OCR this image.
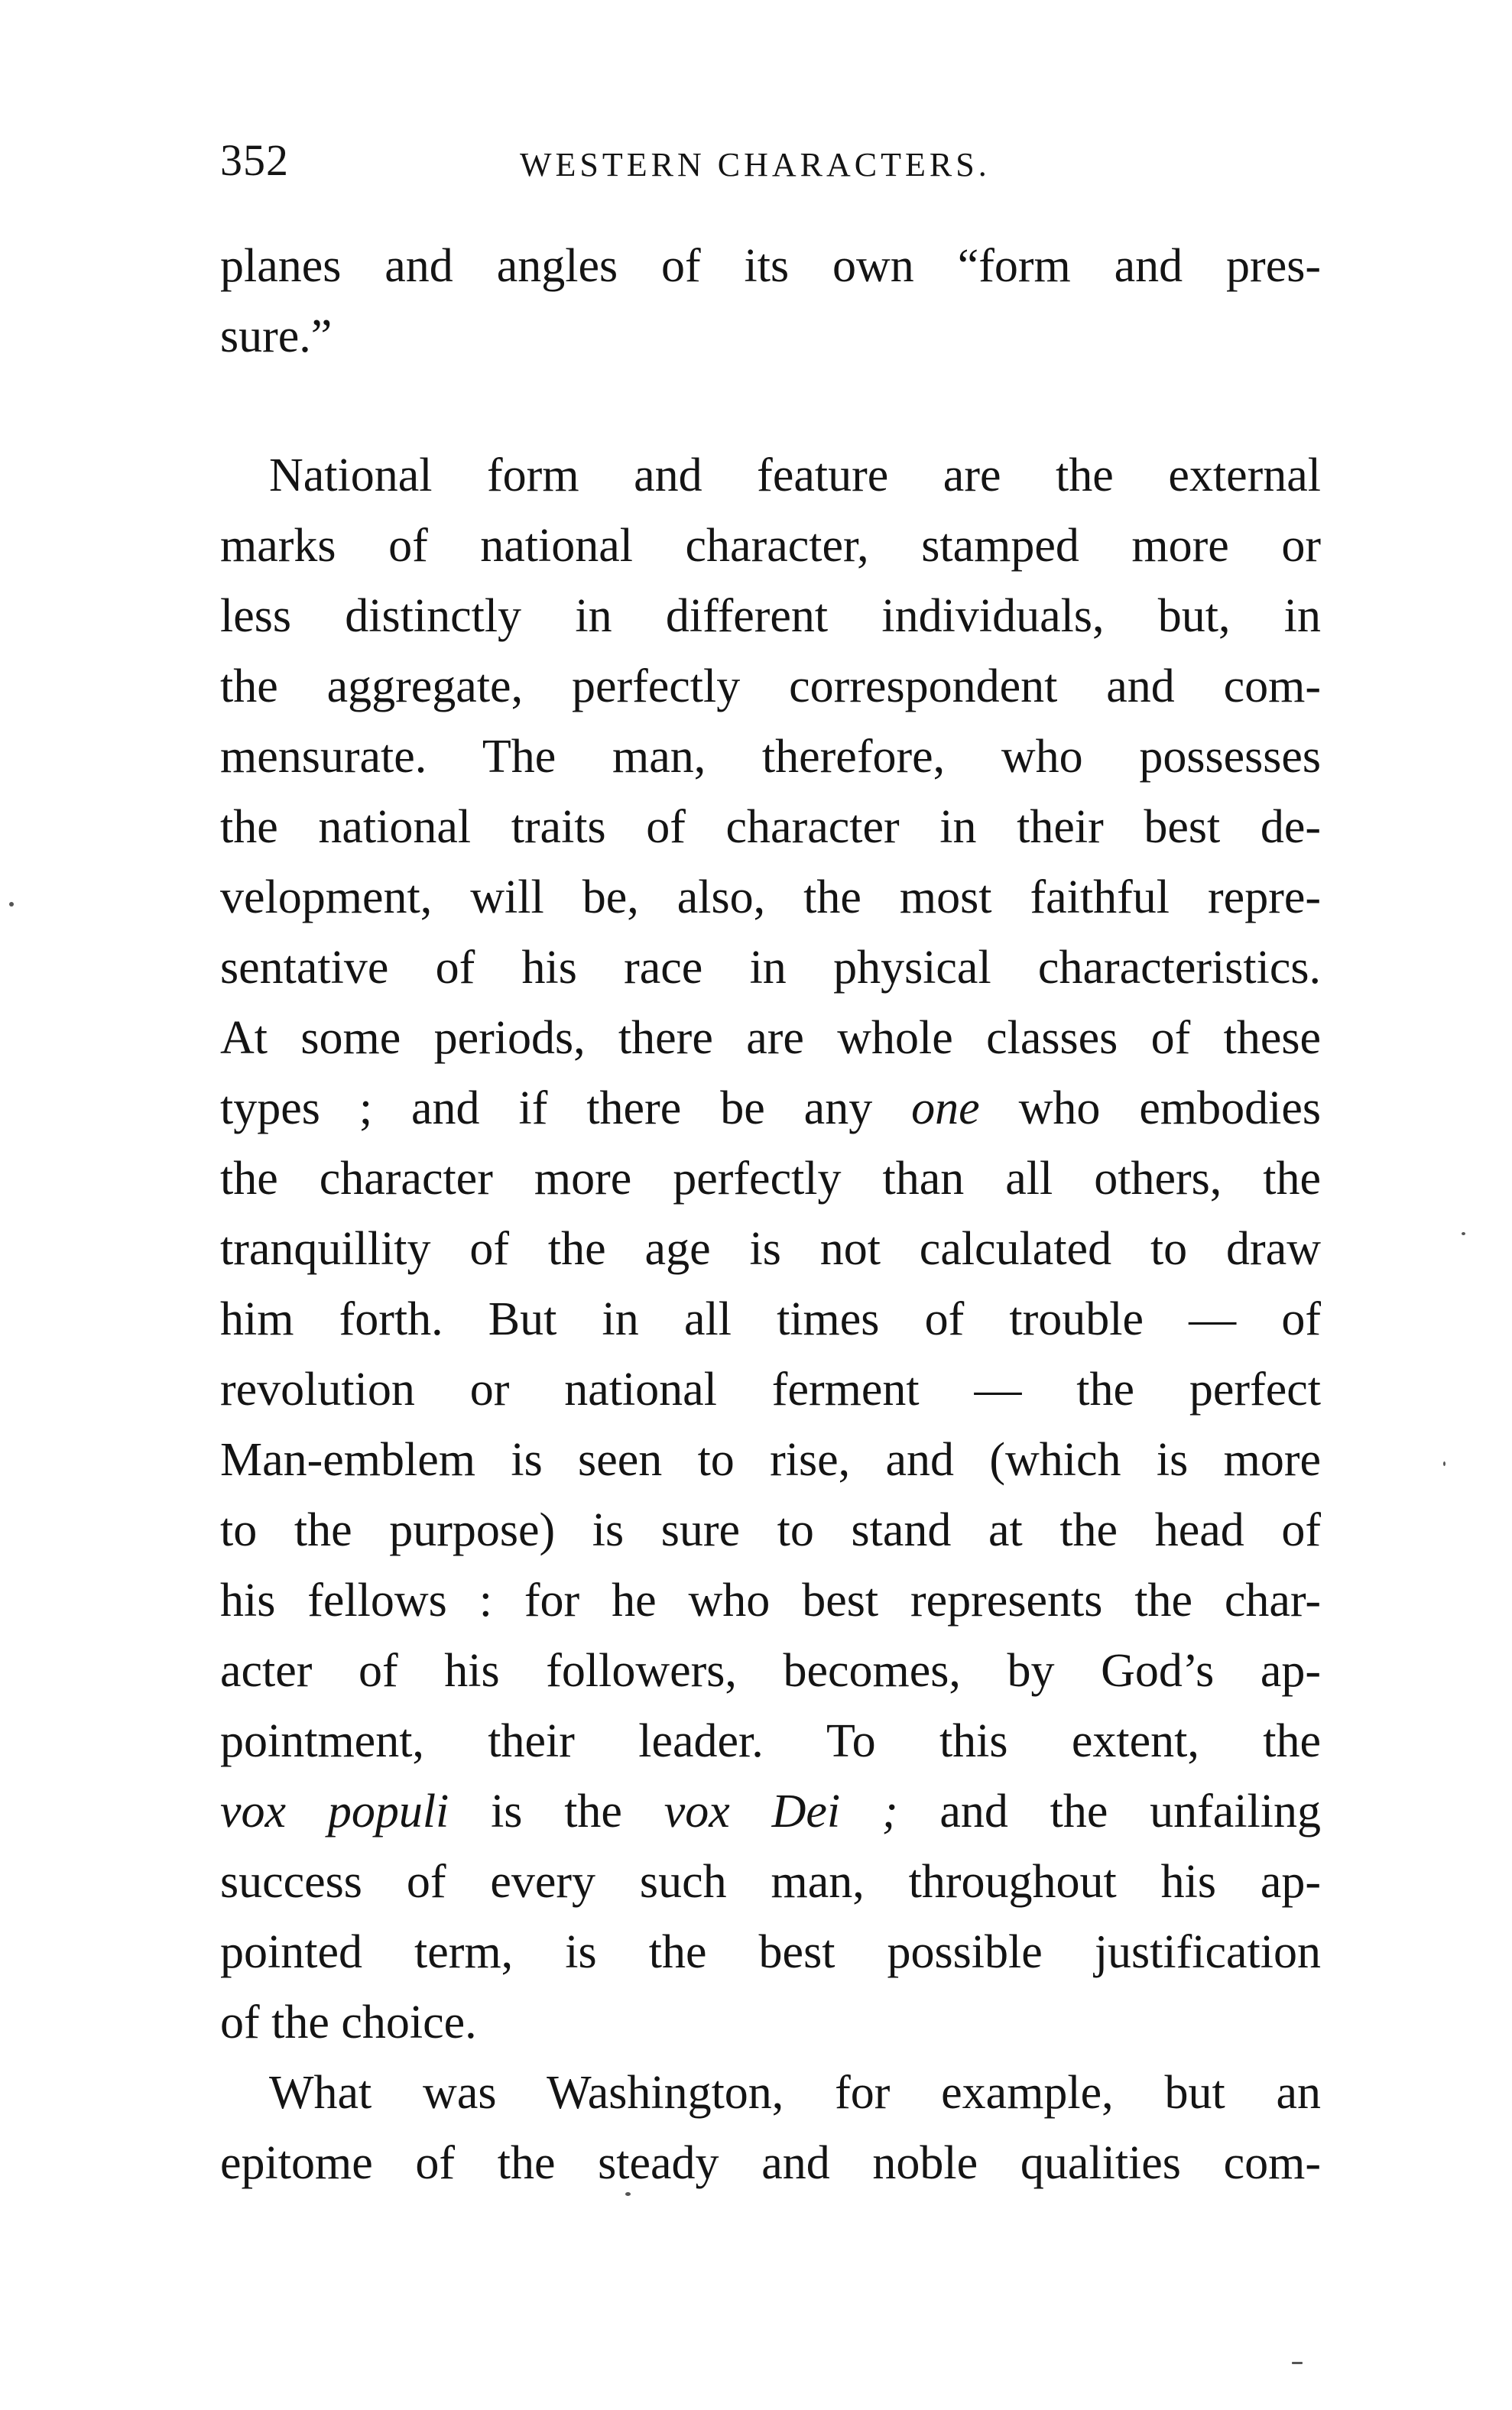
352	WESTERN CHARACTERS.
planes and angles of its own “form and pres-
sure.”
National form and feature are the external
marks of national character, stamped more or
less distinctly in different individuals, but, in
the aggregate, perfectly correspondent and com-
mensurate. The man, therefore, who possesses
the national traits of character in their best de-
velopment, will be, also, the most faithful repre-
sentative of his race in physical characteristics.
At some periods, there are whole classes of these
types ; and if there be any one who embodies
the character more perfectly than all others, the
tranquillity of the age is not calculated to draw
him forth. But in all times of trouble — of
revolution or national ferment — the perfect
Man-emblem is seen to rise, and (which is more
to the purpose) is sure to stand at the head of
his fellows : for he who best represents the char-
acter of his followers, becomes, by God’s ap-
pointment, their leader. To this extent, the
vox populi is the vox Dei ; and the unfailing
success of every such man, throughout his ap-
pointed term, is the best possible justification
of the choice.
What was Washington, for example, but an
epitome of the steady and noble qualities com-
